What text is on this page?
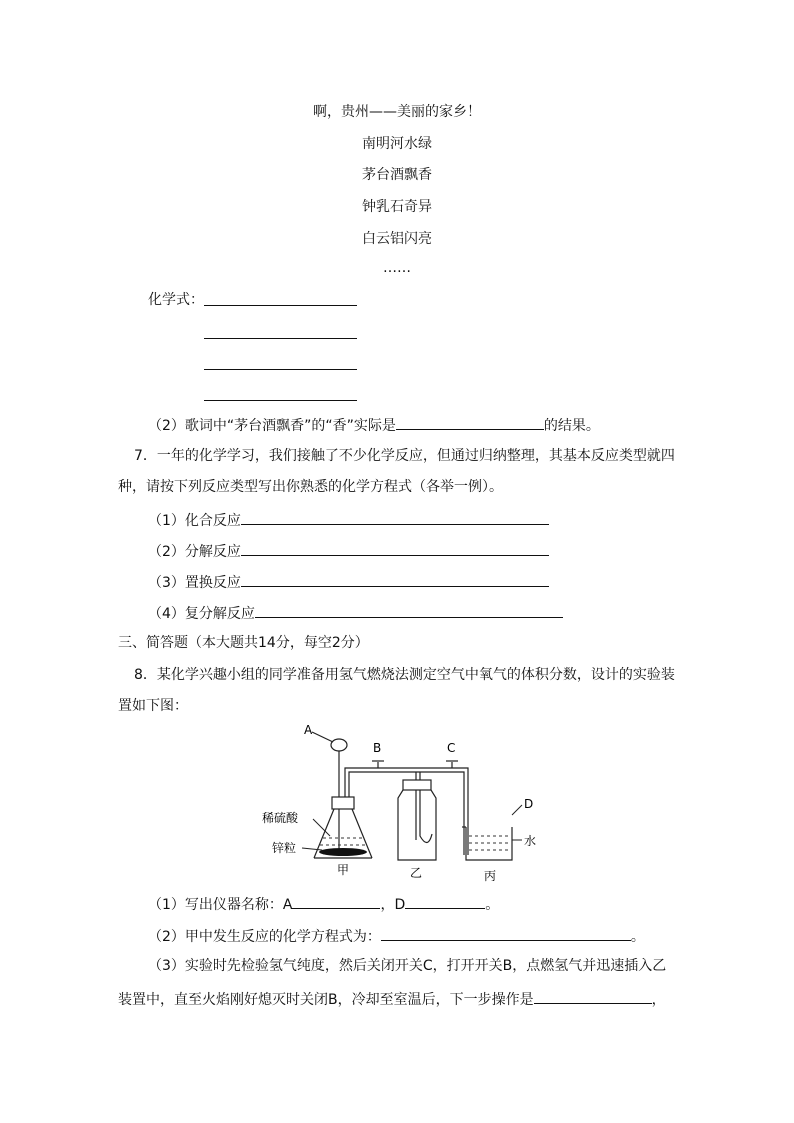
啊，贵州——美丽的家乡！
南明河水绿
茅台酒飘香
钟乳石奇异
白云铝闪亮
……
化学式：
（2）歌词中“茅台酒飘香”的“香”实际是	的结果。
7．一年的化学学习，我们接触了不少化学反应，但通过归纳整理，其基本反应类型就四
种，请按下列反应类型写出你熟悉的化学方程式（各举一例）。
（1）化合反应
（2）分解反应
（3）置换反应
（4）复分解反应
三、简答题（本大题共14分，每空2分）
8．某化学兴趣小组的同学准备用氢气燃烧法测定空气中氧气的体积分数，设计的实验装
置如下图：
A
B	C
D
稀硫酸
锌粒	水
甲	乙	丙
（1）写出仪器名称：A	，D	。
（2）甲中发生反应的化学方程式为：	。
（3）实验时先检验氢气纯度，然后关闭开关C，打开开关B，点燃氢气并迅速插入乙
装置中，直至火焰刚好熄灭时关闭B，冷却至室温后，下一步操作是	，
